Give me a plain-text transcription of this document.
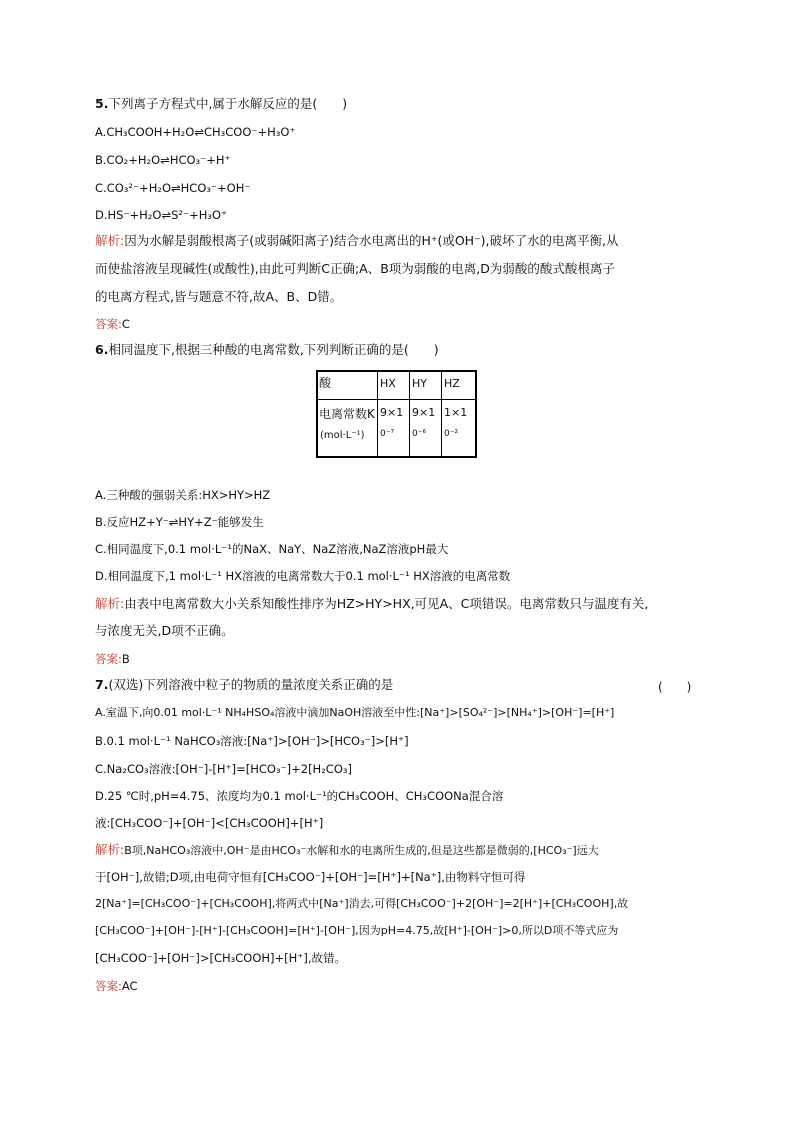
5.下列离子方程式中,属于水解反应的是(　　)
A.CH₃COOH+H₂O⇌CH₃COO⁻+H₃O⁺
B.CO₂+H₂O⇌HCO₃⁻+H⁺
C.CO₃²⁻+H₂O⇌HCO₃⁻+OH⁻
D.HS⁻+H₂O⇌S²⁻+H₃O⁺
解析:因为水解是弱酸根离子(或弱碱阳离子)结合水电离出的H⁺(或OH⁻),破坏了水的电离平衡,从
而使盐溶液呈现碱性(或酸性),由此可判断C正确;A、B项为弱酸的电离,D为弱酸的酸式酸根离子
的电离方程式,皆与题意不符,故A、B、D错。
答案:C
6.相同温度下,根据三种酸的电离常数,下列判断正确的是(　　)
酸	HX HY HZ
电离常数K
(mol·L⁻¹)
9×1
0⁻⁷
9×1
0⁻⁶
1×1
0⁻²
A.三种酸的强弱关系:HX>HY>HZ
B.反应HZ+Y⁻⇌HY+Z⁻能够发生
C.相同温度下,0.1 mol·L⁻¹的NaX、NaY、NaZ溶液,NaZ溶液pH最大
D.相同温度下,1 mol·L⁻¹ HX溶液的电离常数大于0.1 mol·L⁻¹ HX溶液的电离常数
解析:由表中电离常数大小关系知酸性排序为HZ>HY>HX,可见A、C项错误。电离常数只与温度有关,
与浓度无关,D项不正确。
答案:B
7.(双选)下列溶液中粒子的物质的量浓度关系正确的是	(　　)
A.室温下,向0.01 mol·L⁻¹ NH₄HSO₄溶液中滴加NaOH溶液至中性:[Na⁺]>[SO₄²⁻]>[NH₄⁺]>[OH⁻]=[H⁺]
B.0.1 mol·L⁻¹ NaHCO₃溶液:[Na⁺]>[OH⁻]>[HCO₃⁻]>[H⁺]
C.Na₂CO₃溶液:[OH⁻]-[H⁺]=[HCO₃⁻]+2[H₂CO₃]
D.25 ℃时,pH=4.75、浓度均为0.1 mol·L⁻¹的CH₃COOH、CH₃COONa混合溶
液:[CH₃COO⁻]+[OH⁻]<[CH₃COOH]+[H⁺]
解析:B项,NaHCO₃溶液中,OH⁻是由HCO₃⁻水解和水的电离所生成的,但是这些都是微弱的,[HCO₃⁻]远大
于[OH⁻],故错;D项,由电荷守恒有[CH₃COO⁻]+[OH⁻]=[H⁺]+[Na⁺],由物料守恒可得
2[Na⁺]=[CH₃COO⁻]+[CH₃COOH],将两式中[Na⁺]消去,可得[CH₃COO⁻]+2[OH⁻]=2[H⁺]+[CH₃COOH],故
[CH₃COO⁻]+[OH⁻]-[H⁺]-[CH₃COOH]=[H⁺]-[OH⁻],因为pH=4.75,故[H⁺]-[OH⁻]>0,所以D项不等式应为
[CH₃COO⁻]+[OH⁻]>[CH₃COOH]+[H⁺],故错。
答案:AC
